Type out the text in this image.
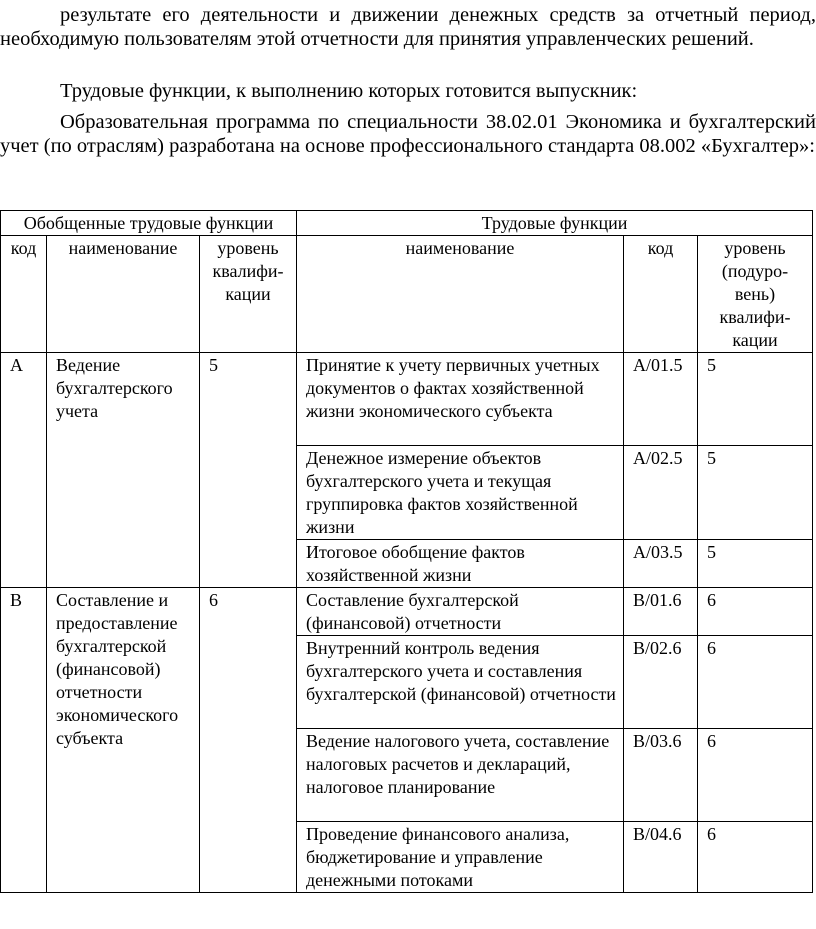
результате его деятельности и движении денежных средств за отчетный период, необходимую пользователям этой отчетности для принятия управленческих решений.

Трудовые функции, к выполнению которых готовится выпускник:

Образовательная программа по специальности 38.02.01 Экономика и бухгалтерский учет (по отраслям) разработана на основе профессионального стандарта 08.002 «Бухгалтер»:

Обобщенные трудовые функции			Трудовые функции		
код	наименование	уровень квалифи-кации	наименование	код	уровень (подуро-вень) квалифи-кации
А	Ведение бухгалтерского учета	5	Принятие к учету первичных учетных документов о фактах хозяйственной жизни экономического субъекта	A/01.5	5
			Денежное измерение объектов бухгалтерского учета и текущая группировка фактов хозяйственной жизни	A/02.5	5
			Итоговое обобщение фактов хозяйственной жизни	A/03.5	5
В	Составление и предоставление бухгалтерской (финансовой) отчетности экономического субъекта	6	Составление бухгалтерской (финансовой) отчетности	B/01.6	6
			Внутренний контроль ведения бухгалтерского учета и составления бухгалтерской (финансовой) отчетности	B/02.6	6
			Ведение налогового учета, составление налоговых расчетов и деклараций, налоговое планирование	B/03.6	6
			Проведение финансового анализа, бюджетирование и управление денежными потоками	B/04.6	6
